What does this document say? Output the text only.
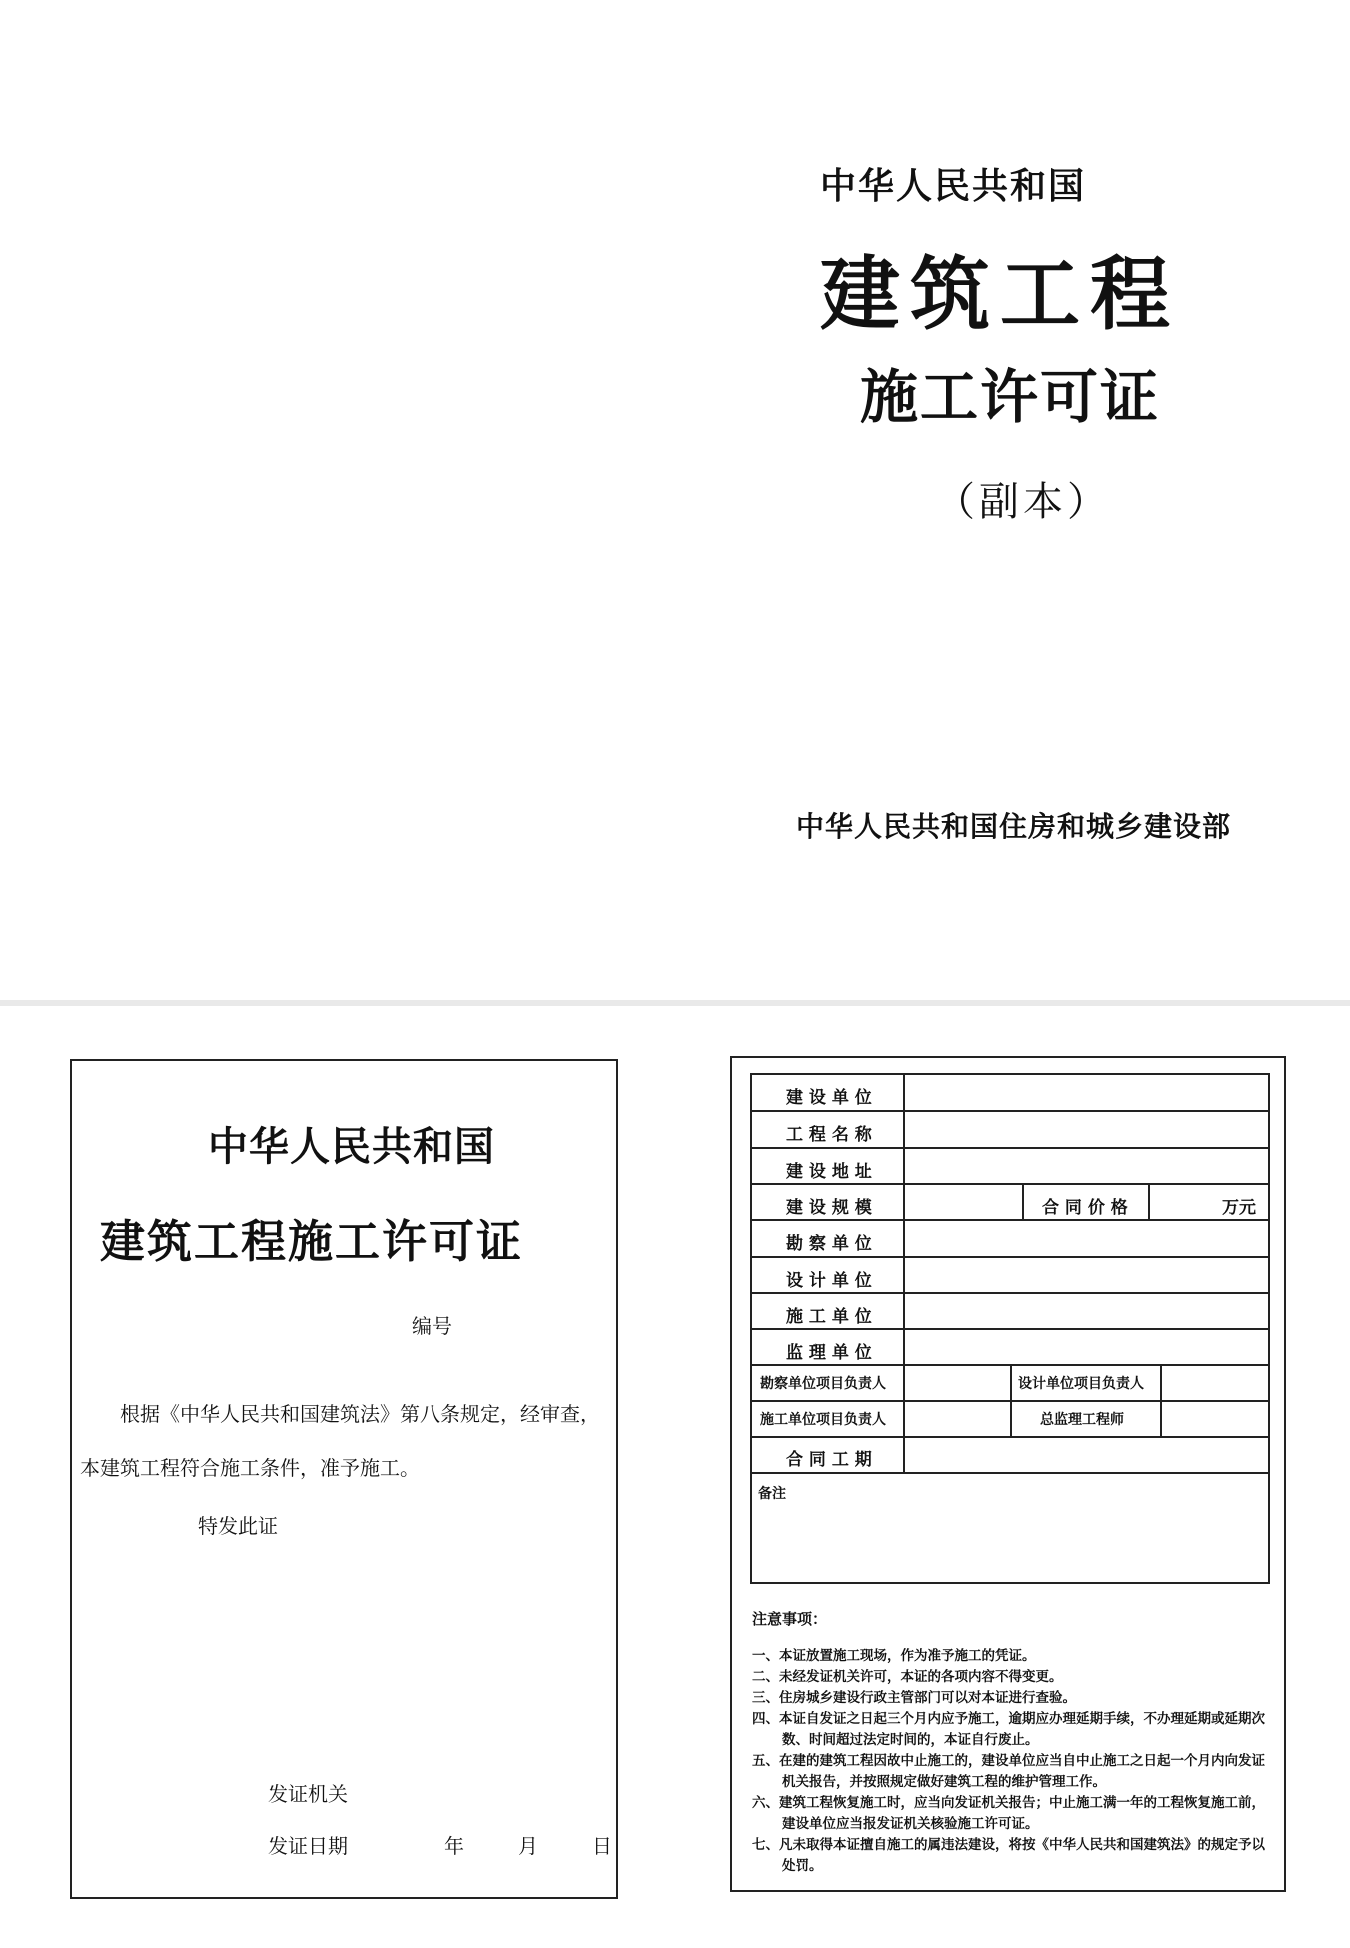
中华人民共和国
建筑工程
施工许可证
（副本）
中华人民共和国住房和城乡建设部
中华人民共和国
建筑工程施工许可证
编号
根据《中华人民共和国建筑法》第八条规定，经审查，
本建筑工程符合施工条件，准予施工。
特发此证
发证机关
发证日期	年	月	日
建 设 单 位
工 程 名 称
建 设 地 址
建 设 规 模	合 同 价 格	万元
勘 察 单 位
设 计 单 位
施 工 单 位
监 理 单 位
勘察单位项目负责人	设计单位项目负责人
施工单位项目负责人	总监理工程师
合 同 工 期
备注
注意事项：
一、本证放置施工现场，作为准予施工的凭证。
二、未经发证机关许可，本证的各项内容不得变更。
三、住房城乡建设行政主管部门可以对本证进行查验。
四、本证自发证之日起三个月内应予施工，逾期应办理延期手续，不办理延期或延期次数、时间超过法定时间的，本证自行废止。
五、在建的建筑工程因故中止施工的，建设单位应当自中止施工之日起一个月内向发证机关报告，并按照规定做好建筑工程的维护管理工作。
六、建筑工程恢复施工时，应当向发证机关报告；中止施工满一年的工程恢复施工前，建设单位应当报发证机关核验施工许可证。
七、凡未取得本证擅自施工的属违法建设，将按《中华人民共和国建筑法》的规定予以处罚。
